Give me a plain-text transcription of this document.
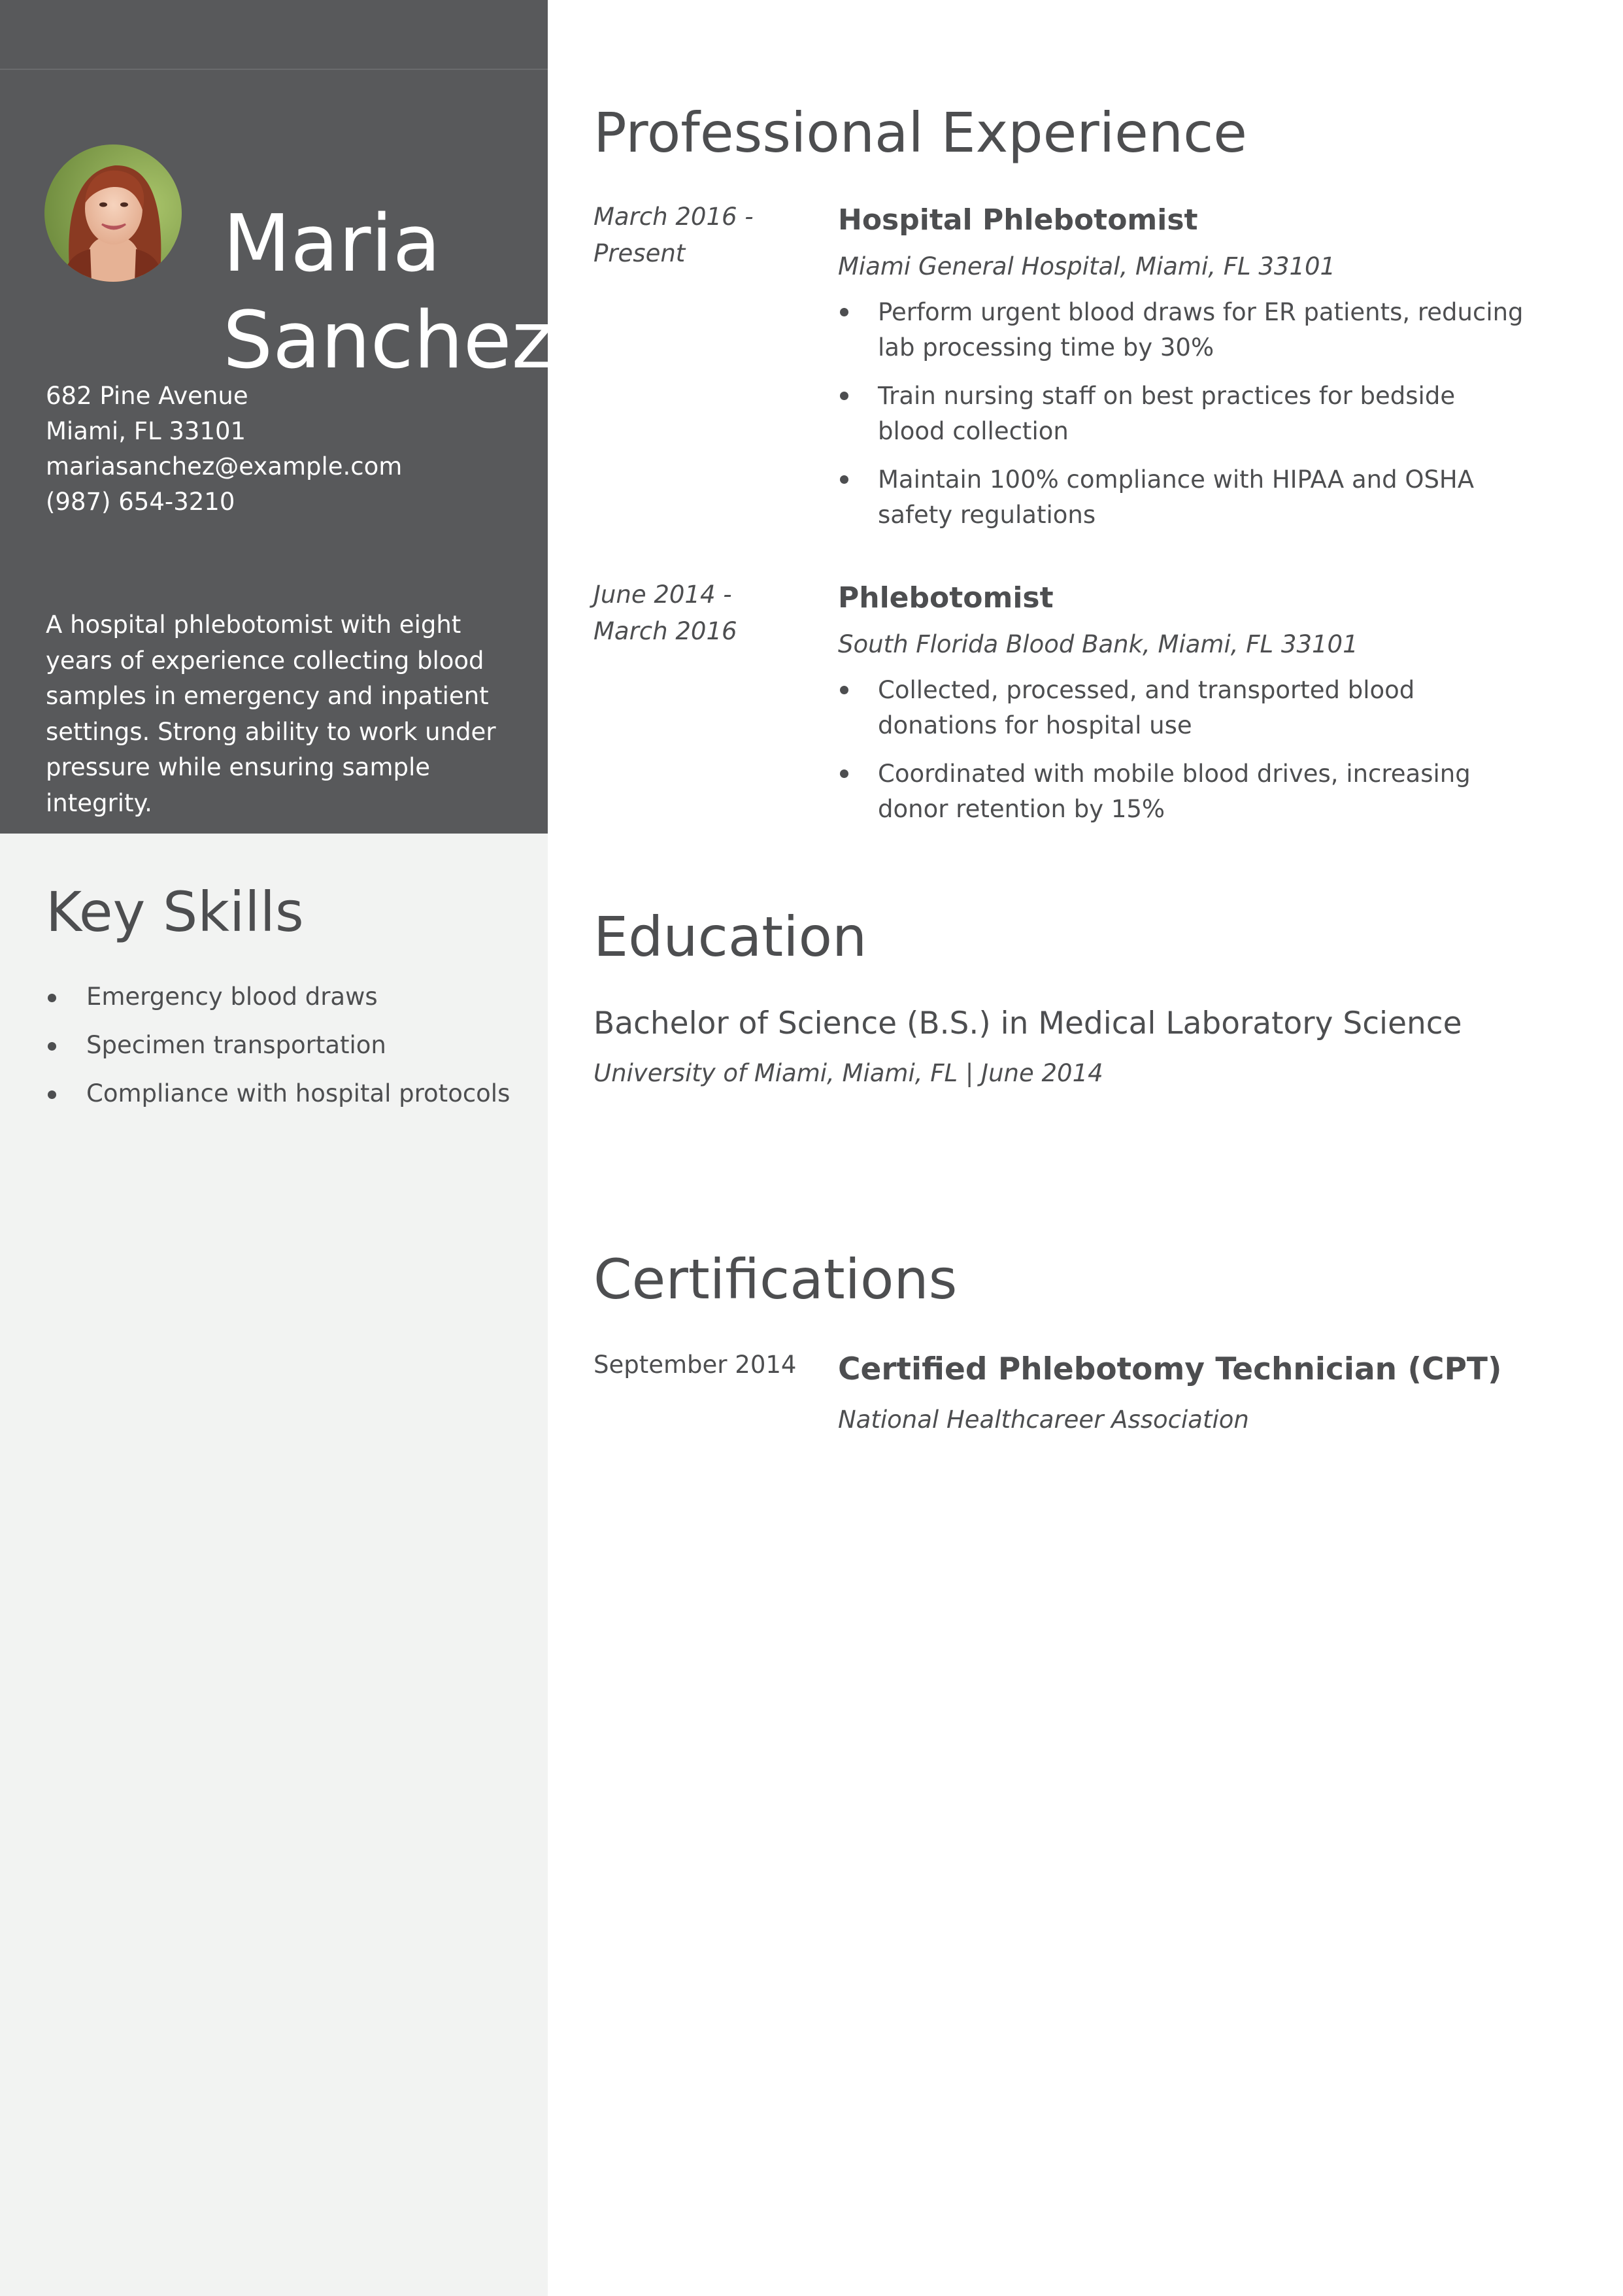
Maria
Sanchez
682 Pine Avenue
Miami, FL 33101
mariasanchez@example.com
(987) 654-3210

A hospital phlebotomist with eight years of experience collecting blood samples in emergency and inpatient settings. Strong ability to work under pressure while ensuring sample integrity.

Key Skills
Emergency blood draws
Specimen transportation
Compliance with hospital protocols
Professional Experience
March 2016 - Present
Hospital Phlebotomist
Miami General Hospital, Miami, FL 33101
Perform urgent blood draws for ER patients, reducing lab processing time by 30%
Train nursing staff on best practices for bedside blood collection
Maintain 100% compliance with HIPAA and OSHA safety regulations
June 2014 - March 2016
Phlebotomist
South Florida Blood Bank, Miami, FL 33101
Collected, processed, and transported blood donations for hospital use
Coordinated with mobile blood drives, increasing donor retention by 15%
Education
Bachelor of Science (B.S.) in Medical Laboratory Science
University of Miami, Miami, FL | June 2014
Certifications
September 2014	Certified Phlebotomy Technician (CPT)
National Healthcareer Association
